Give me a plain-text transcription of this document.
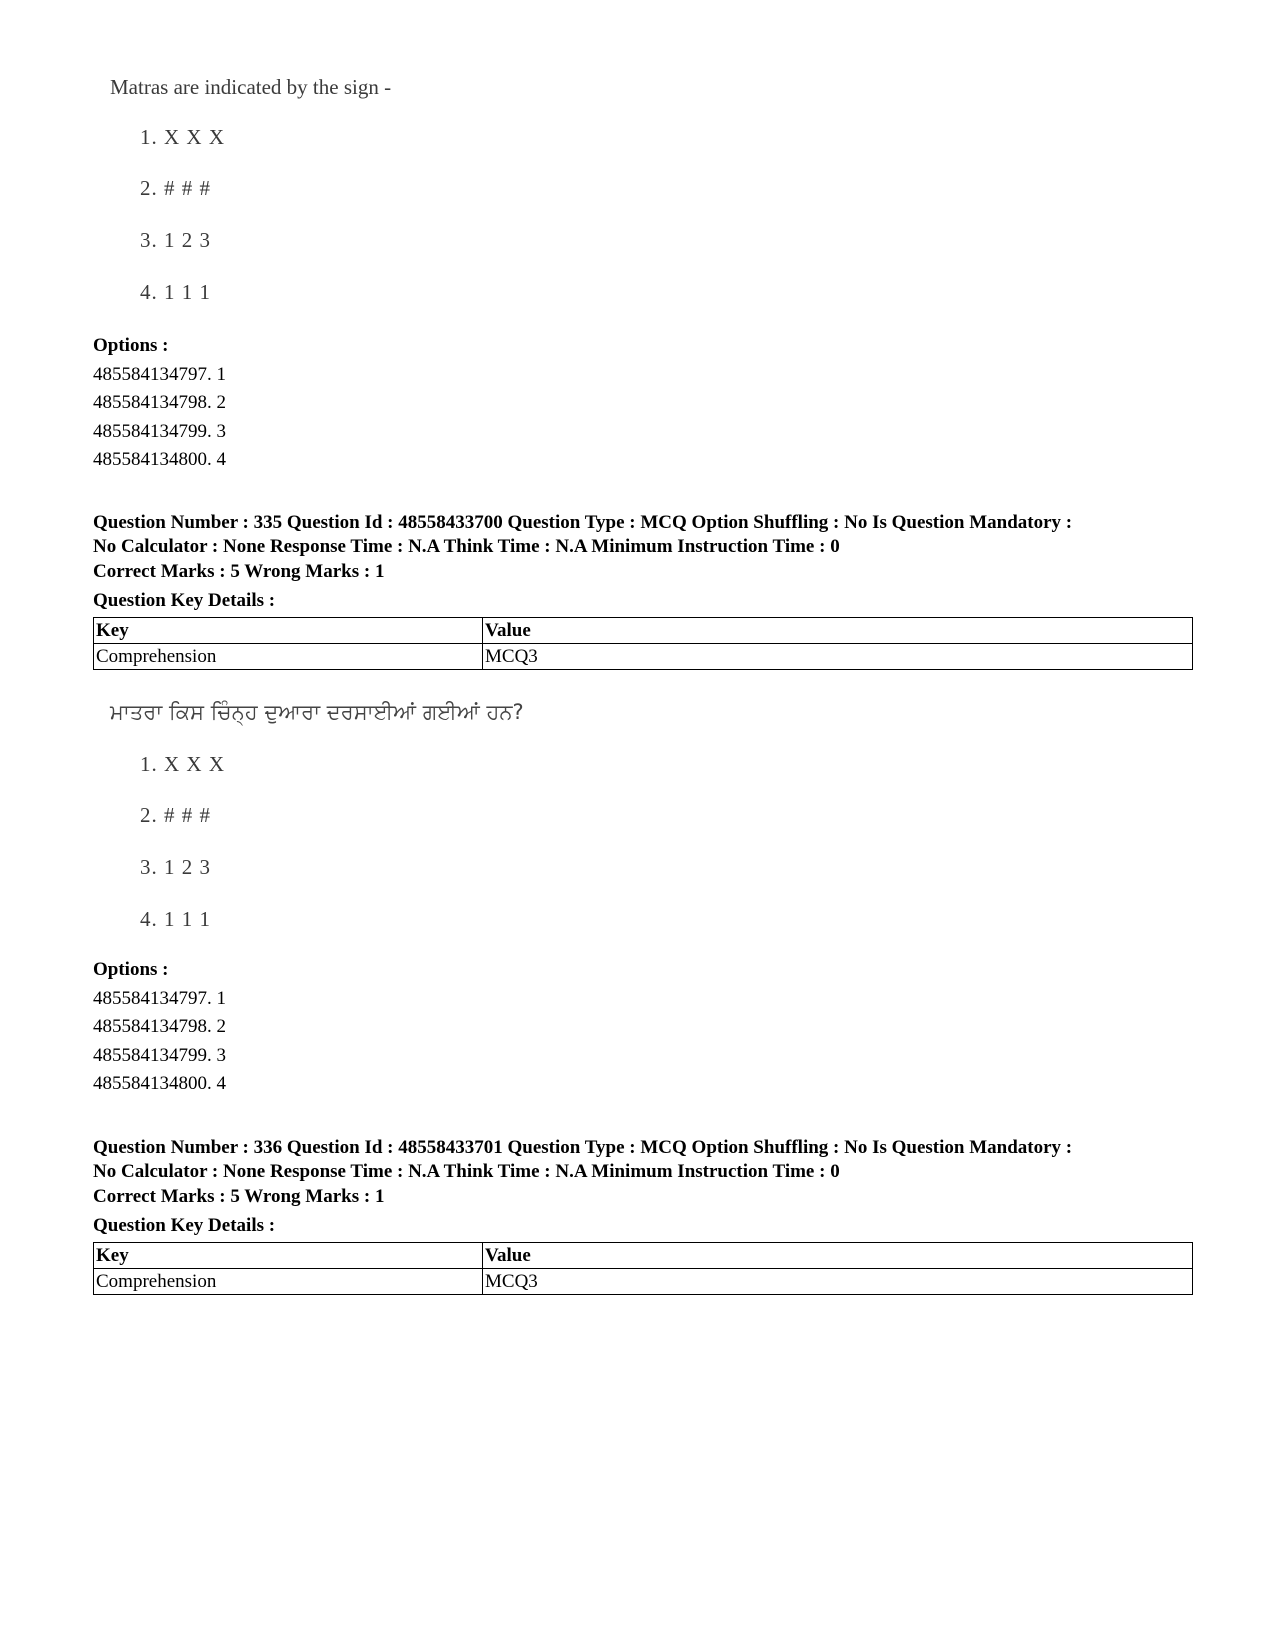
Matras are indicated by the sign -
1. X X X
2. # # #
3. 1 2 3
4. 1 1 1
Options :
485584134797. 1
485584134798. 2
485584134799. 3
485584134800. 4
Question Number : 335 Question Id : 48558433700 Question Type : MCQ Option Shuffling : No Is Question Mandatory :
No Calculator : None Response Time : N.A Think Time : N.A Minimum Instruction Time : 0
Correct Marks : 5 Wrong Marks : 1
Question Key Details :
Key	Value
Comprehension	MCQ3
ਮਾਤਰਾ ਕਿਸ ਚਿੰਨ੍ਹ ਦੁਆਰਾ ਦਰਸਾਈਆਂ ਗਈਆਂ ਹਨ?
1. X X X
2. # # #
3. 1 2 3
4. 1 1 1
Options :
485584134797. 1
485584134798. 2
485584134799. 3
485584134800. 4
Question Number : 336 Question Id : 48558433701 Question Type : MCQ Option Shuffling : No Is Question Mandatory :
No Calculator : None Response Time : N.A Think Time : N.A Minimum Instruction Time : 0
Correct Marks : 5 Wrong Marks : 1
Question Key Details :
Key	Value
Comprehension	MCQ3
